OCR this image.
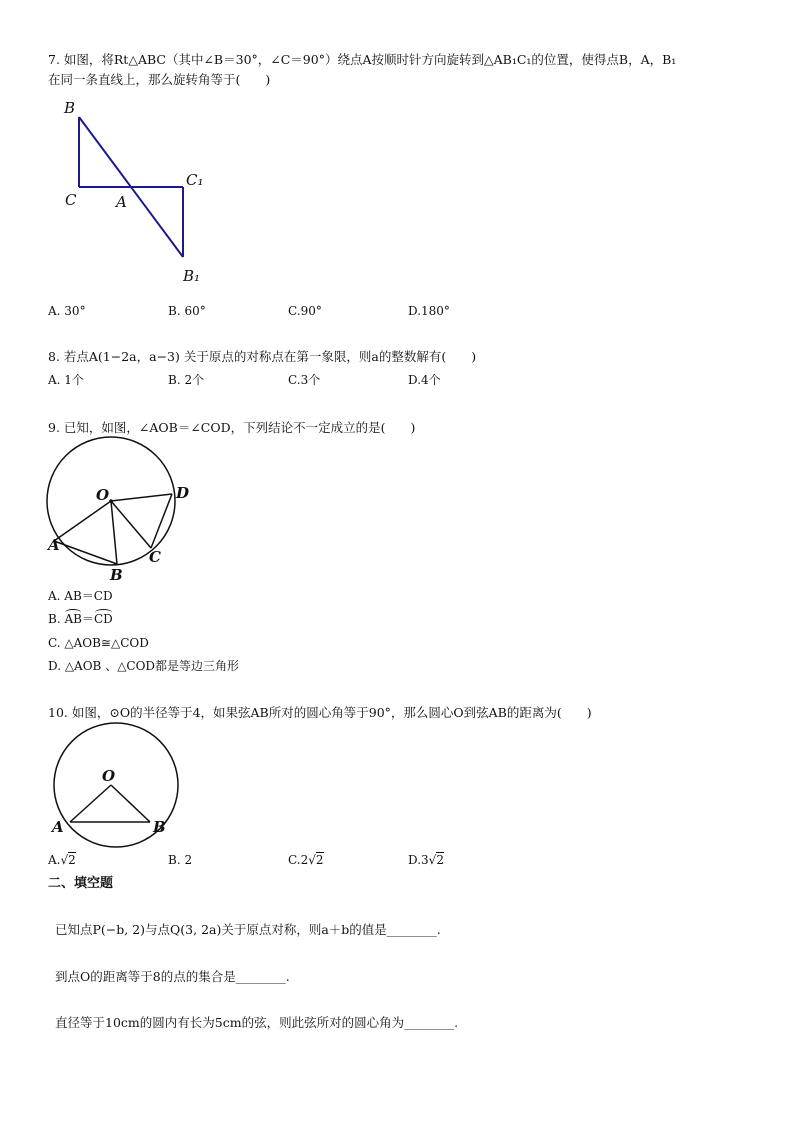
7. 如图，将Rt△ABC（其中∠B＝30°，∠C＝90°）绕点A按顺时针方向旋转到△AB₁C₁的位置，使得点B，A，B₁
在同一条直线上，那么旋转角等于(　　)
B
C	A
C₁
B₁
A. 30°	B. 60°	C.90°	D.180°
8. 若点A(1−2a，a−3) 关于原点的对称点在第一象限，则a的整数解有(　　)
A. 1个	B. 2个	C.3个	D.4个
9. 已知，如图，∠AOB＝∠COD，下列结论不一定成立的是(　　)
O	D
A
B
C
A. AB＝CD
B.
AB＝
CD
C. △AOB≅△COD
D. △AOB 、△COD都是等边三角形
10. 如图，⊙O的半径等于4，如果弦AB所对的圆心角等于90°，那么圆心O到弦AB的距离为(　　)
O
A	B
A.√2	B. 2	C.2√2	D.3√2
二、填空题
已知点P(−b, 2)与点Q(3, 2a)关于原点对称，则a＋b的值是________.
到点O的距离等于8的点的集合是________.
直径等于10cm的圆内有长为5cm的弦，则此弦所对的圆心角为________.
